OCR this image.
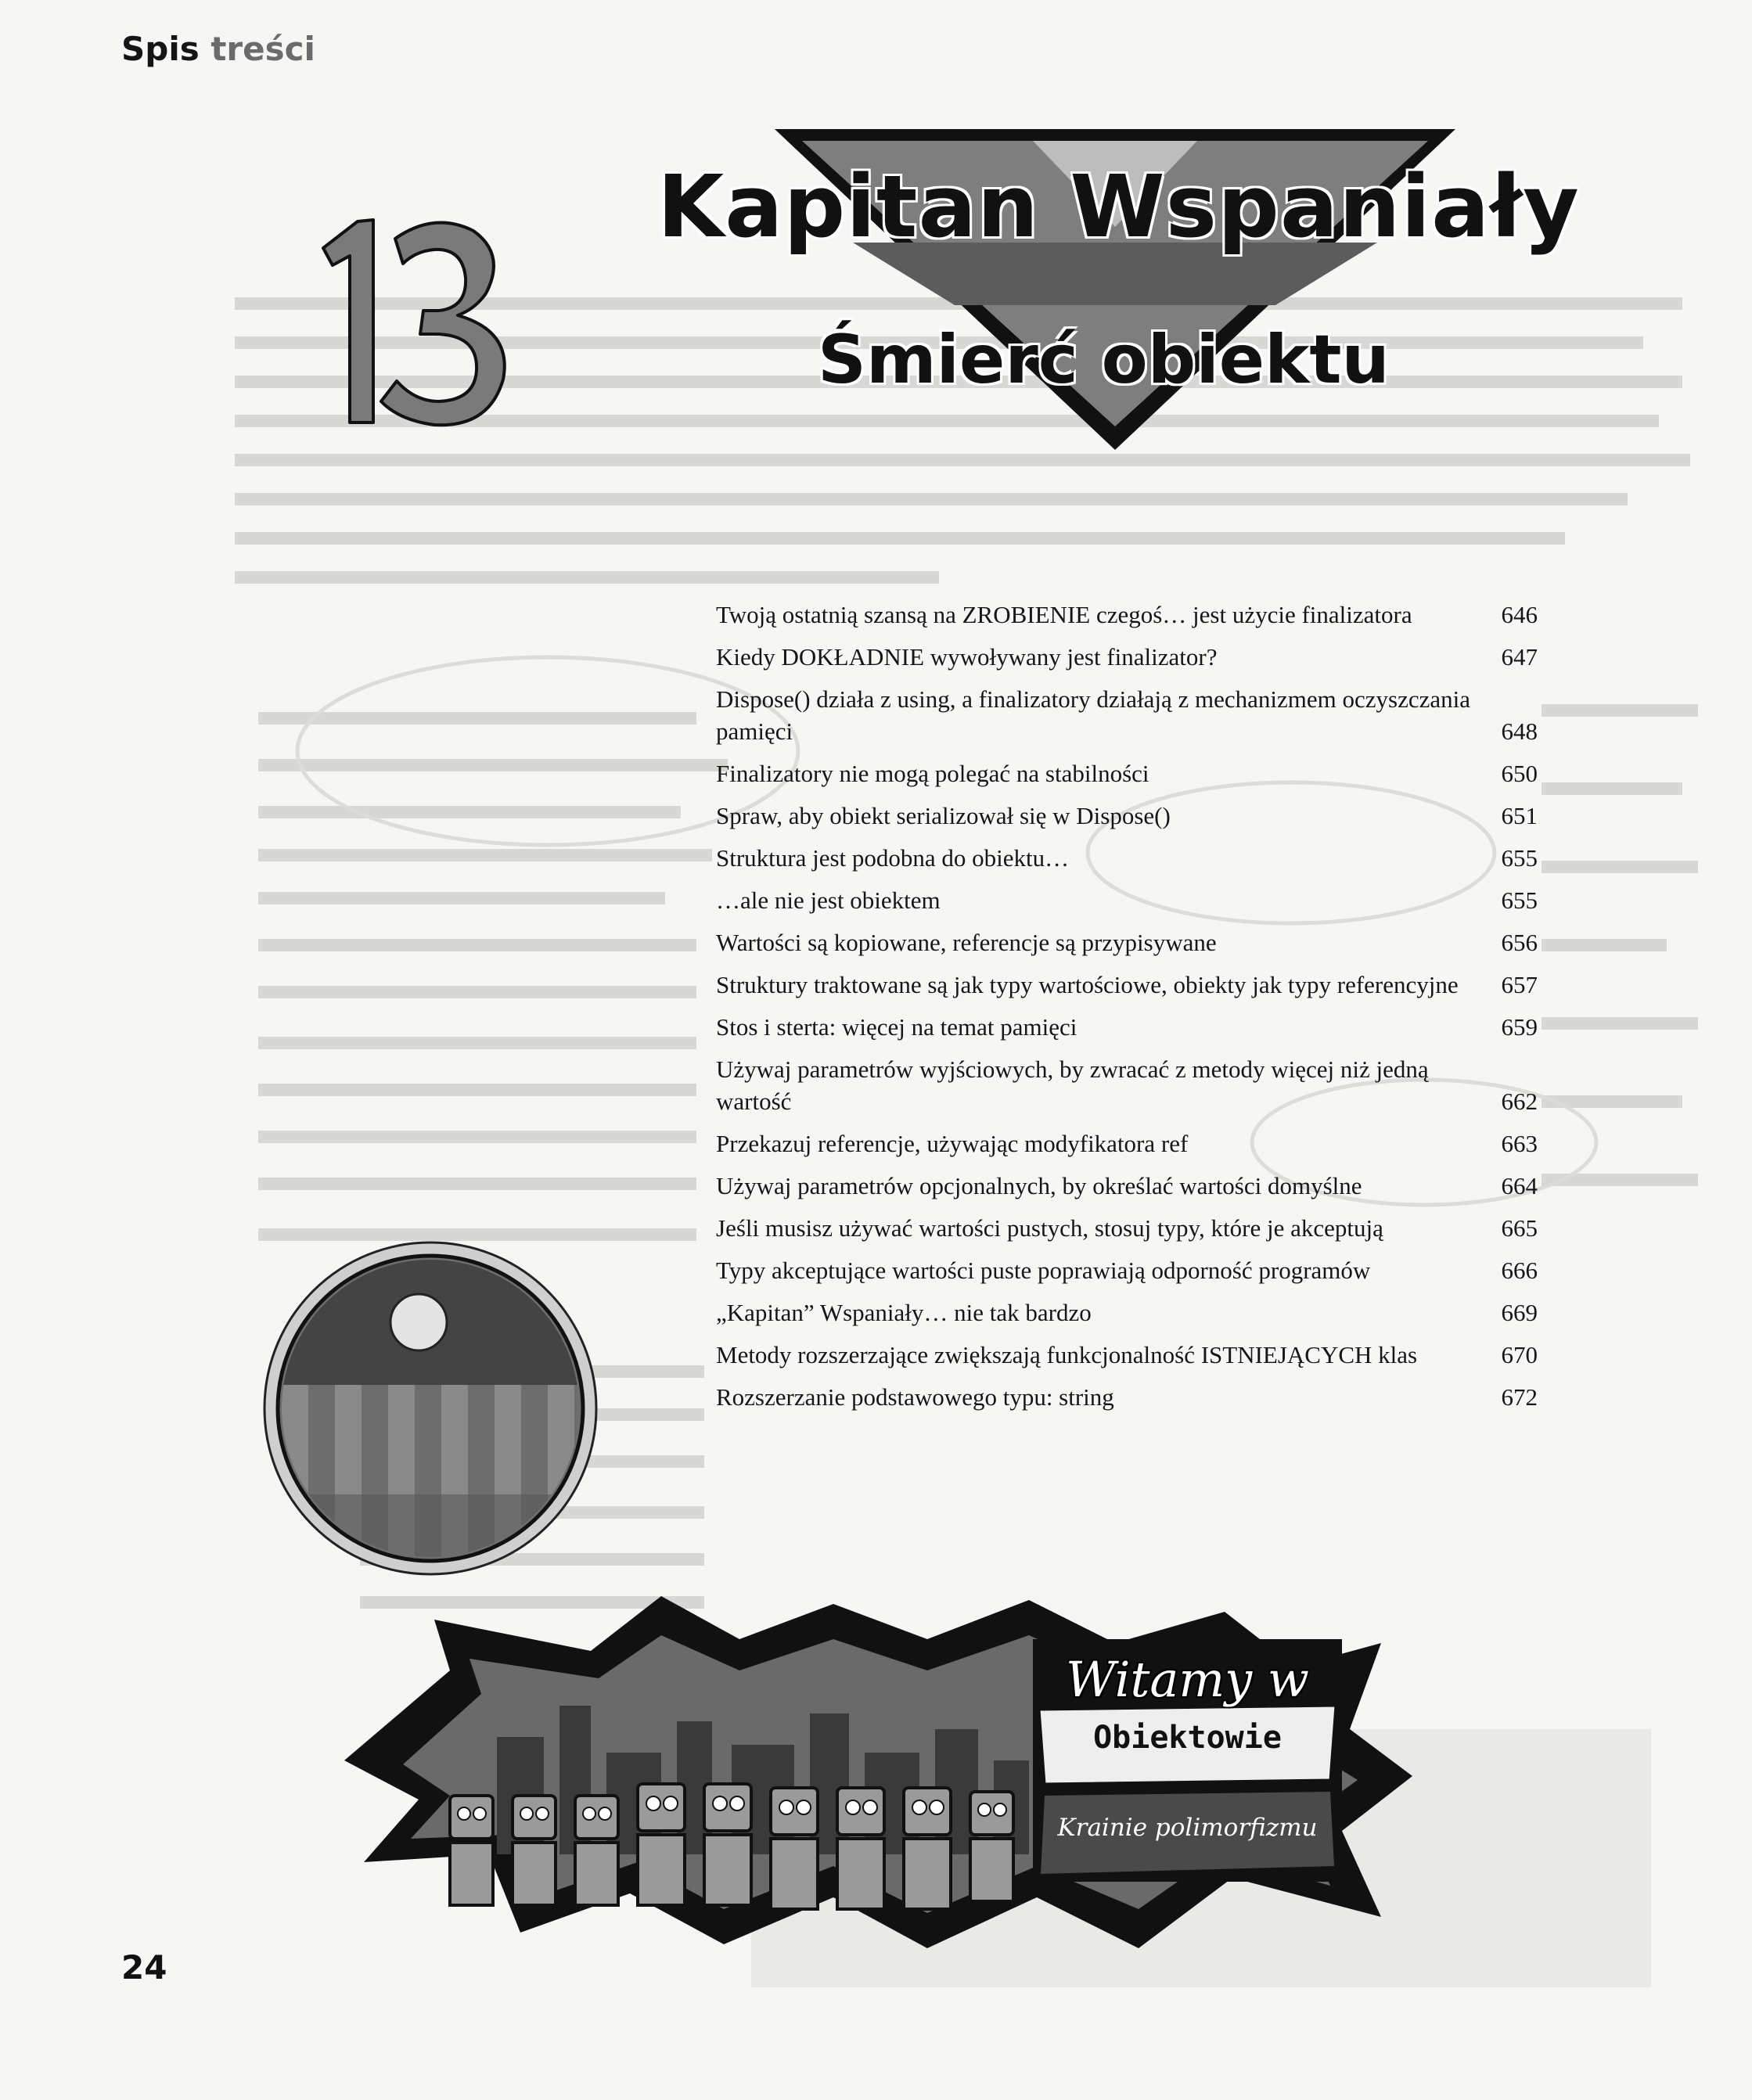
Spis treści
Kapitan Wspaniały
Śmierć obiektu
Twoją ostatnią szansą na ZROBIENIE czegoś… jest użycie finalizatora	646
Kiedy DOKŁADNIE wywoływany jest finalizator?	647
Dispose() działa z using, a finalizatory działają z mechanizmem oczyszczania pamięci	648
Finalizatory nie mogą polegać na stabilności	650
Spraw, aby obiekt serializował się w Dispose()	651
Struktura jest podobna do obiektu…	655
…ale nie jest obiektem	655
Wartości są kopiowane, referencje są przypisywane	656
Struktury traktowane są jak typy wartościowe, obiekty jak typy referencyjne	657
Stos i sterta: więcej na temat pamięci	659
Używaj parametrów wyjściowych, by zwracać z metody więcej niż jedną wartość	662
Przekazuj referencje, używając modyfikatora ref	663
Używaj parametrów opcjonalnych, by określać wartości domyślne	664
Jeśli musisz używać wartości pustych, stosuj typy, które je akceptują	665
Typy akceptujące wartości puste poprawiają odporność programów	666
„Kapitan” Wspaniały… nie tak bardzo	669
Metody rozszerzające zwiększają funkcjonalność ISTNIEJĄCYCH klas	670
Rozszerzanie podstawowego typu: string	672
Witamy w
Obiektowie
Krainie polimorfizmu
24
